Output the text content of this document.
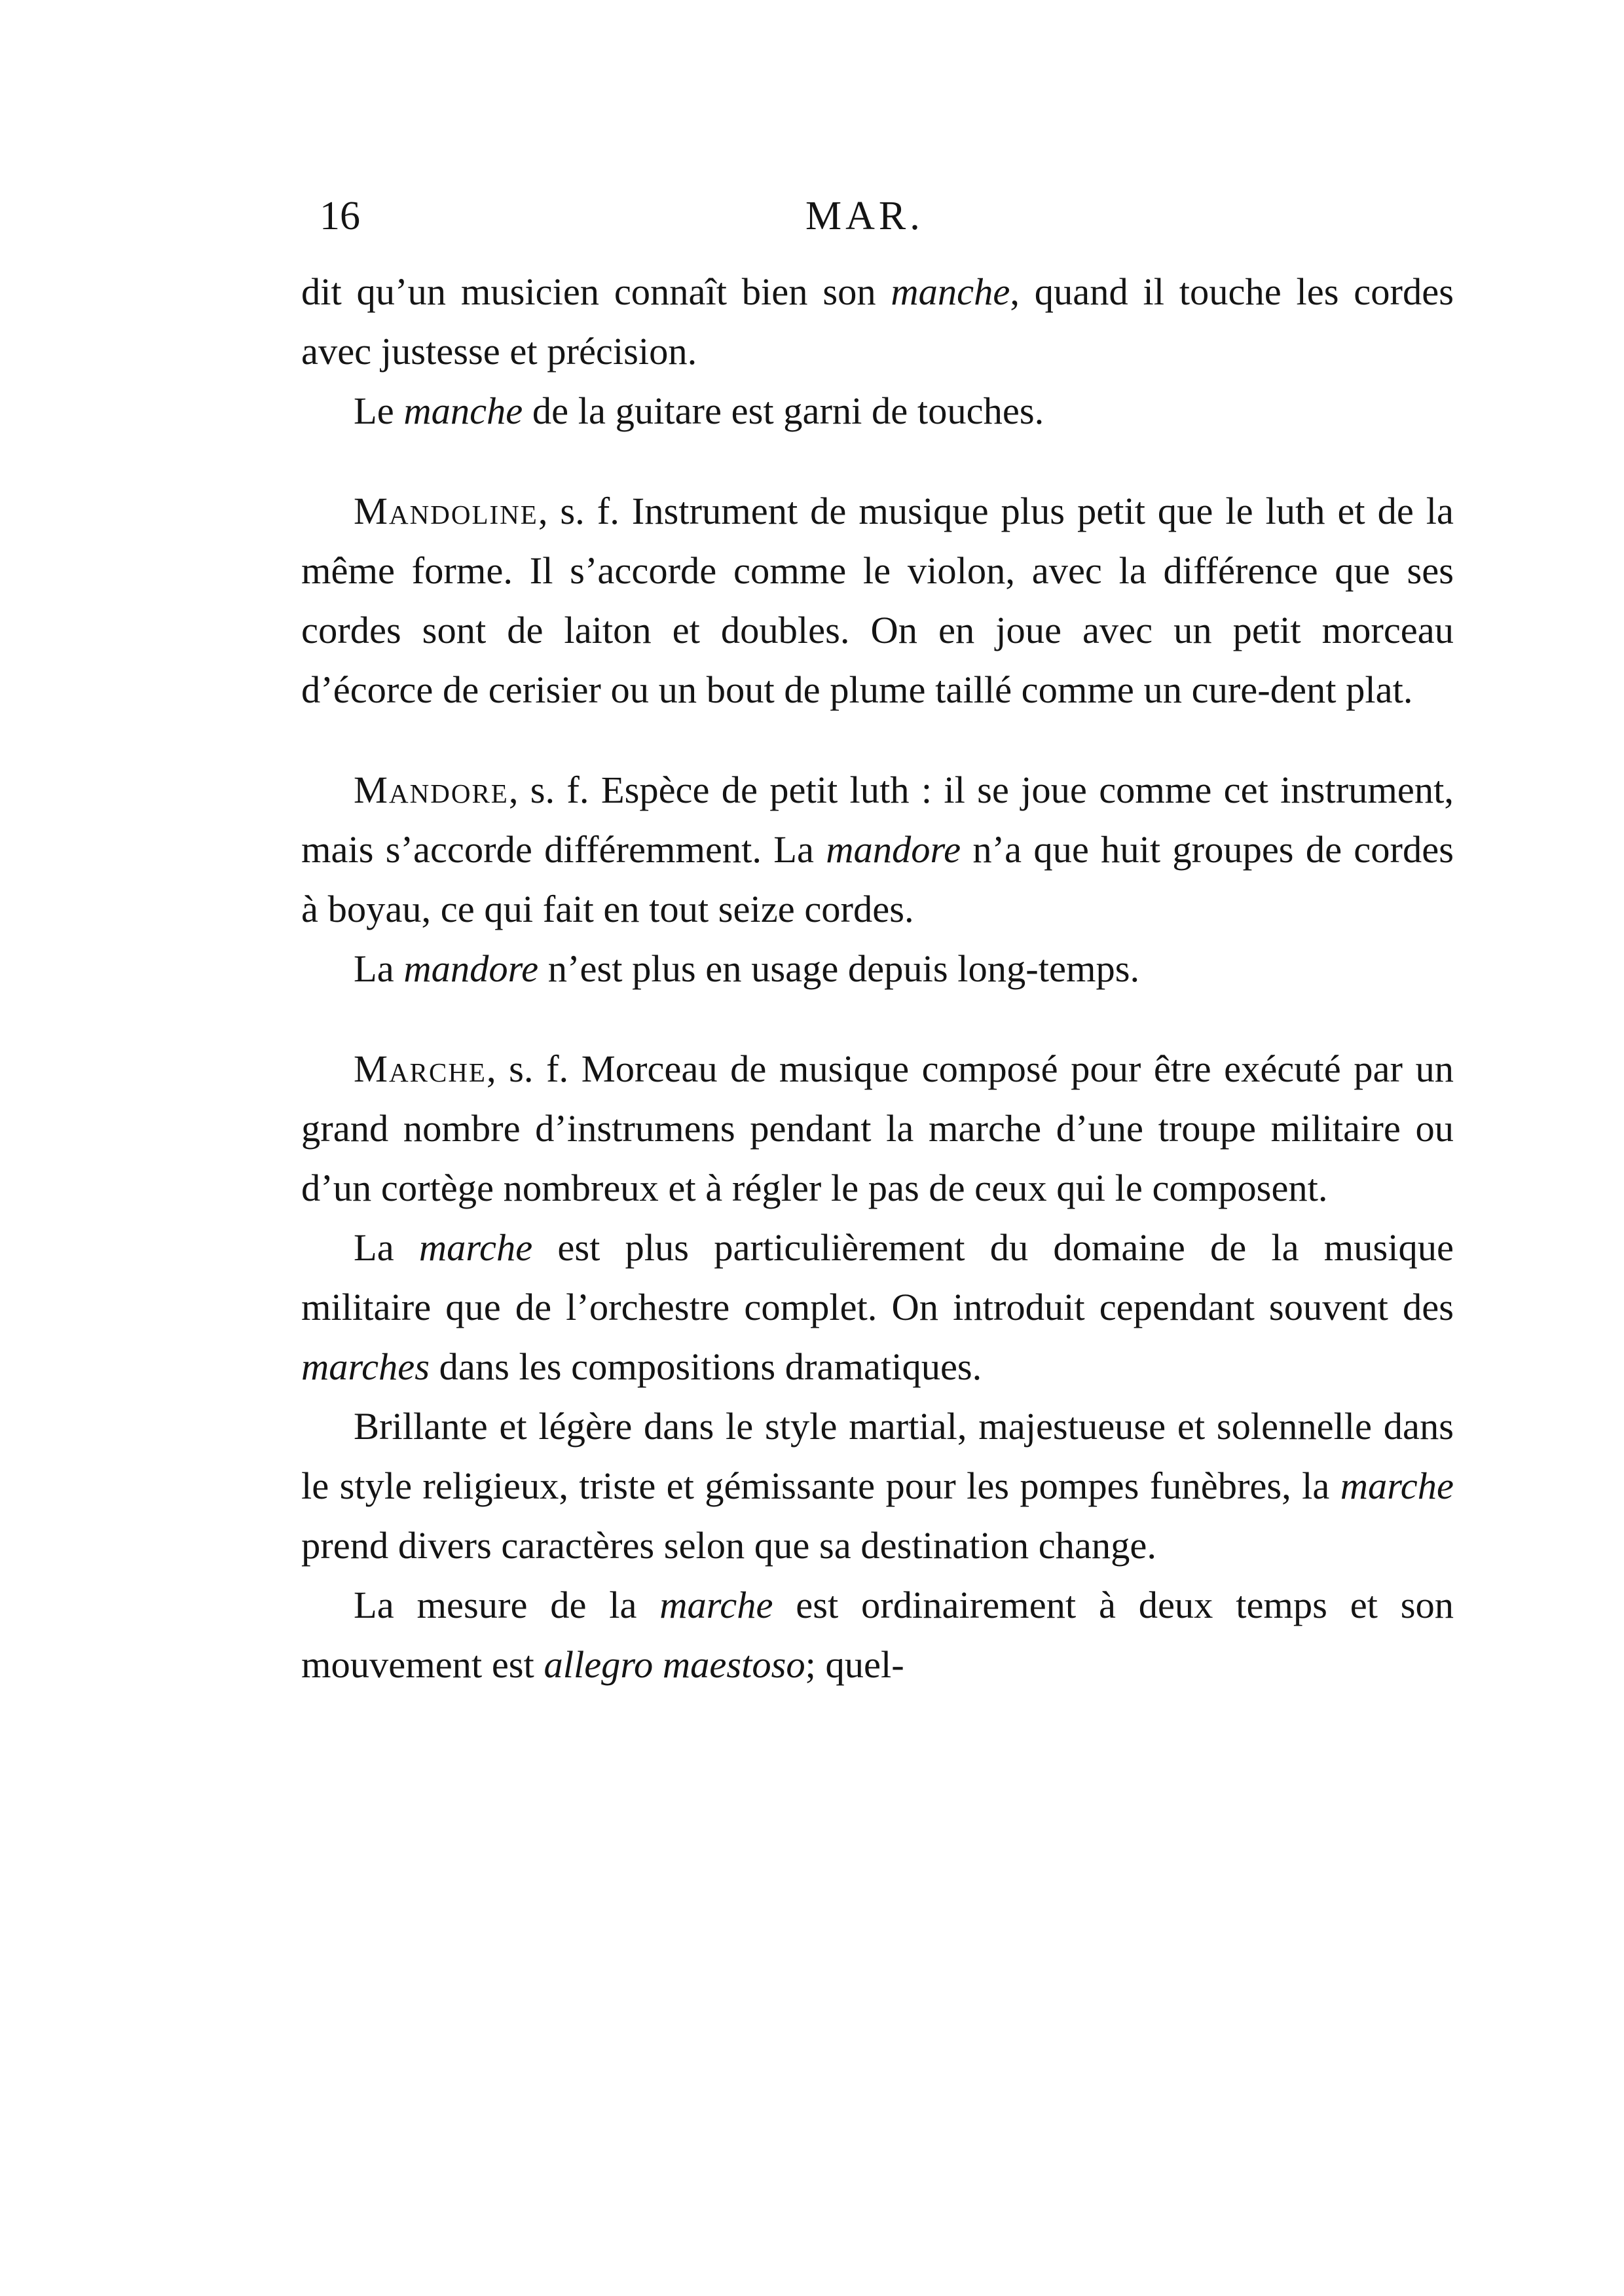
16	MAR.

dit qu’un musicien connaît bien son manche, quand il touche les cordes avec justesse et précision.

Le manche de la guitare est garni de touches.

Mandoline, s. f. Instrument de musique plus petit que le luth et de la même forme. Il s’accorde comme le violon, avec la différence que ses cordes sont de laiton et doubles. On en joue avec un petit morceau d’écorce de cerisier ou un bout de plume taillé comme un cure-dent plat.

Mandore, s. f. Espèce de petit luth : il se joue comme cet instrument, mais s’accorde différemment. La mandore n’a que huit groupes de cordes à boyau, ce qui fait en tout seize cordes.

La mandore n’est plus en usage depuis long-temps.

Marche, s. f. Morceau de musique composé pour être exécuté par un grand nombre d’instrumens pendant la marche d’une troupe militaire ou d’un cortège nombreux et à régler le pas de ceux qui le composent.

La marche est plus particulièrement du domaine de la musique militaire que de l’orchestre complet. On introduit cependant souvent des marches dans les compositions dramatiques.

Brillante et légère dans le style martial, majestueuse et solennelle dans le style religieux, triste et gémissante pour les pompes funèbres, la marche prend divers caractères selon que sa destination change.

La mesure de la marche est ordinairement à deux temps et son mouvement est allegro maestoso; quel-
